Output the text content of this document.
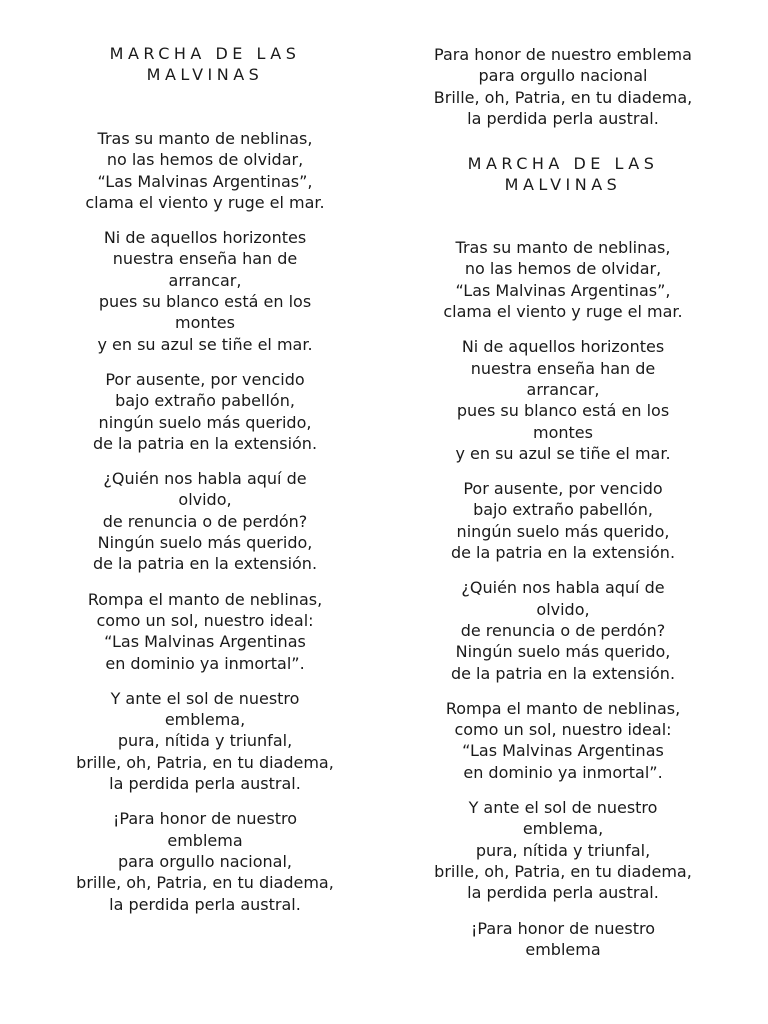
MARCHA DE LAS
MALVINAS

Tras su manto de neblinas,
no las hemos de olvidar,
“Las Malvinas Argentinas”,
clama el viento y ruge el mar.

Ni de aquellos horizontes
nuestra enseña han de
arrancar,
pues su blanco está en los
montes
y en su azul se tiñe el mar.

Por ausente, por vencido
bajo extraño pabellón,
ningún suelo más querido,
de la patria en la extensión.

¿Quién nos habla aquí de
olvido,
de renuncia o de perdón?
Ningún suelo más querido,
de la patria en la extensión.

Rompa el manto de neblinas,
como un sol, nuestro ideal:
“Las Malvinas Argentinas
en dominio ya inmortal”.

Y ante el sol de nuestro
emblema,
pura, nítida y triunfal,
brille, oh, Patria, en tu diadema,
la perdida perla austral.

¡Para honor de nuestro
emblema
para orgullo nacional,
brille, oh, Patria, en tu diadema,
la perdida perla austral.

Para honor de nuestro emblema
para orgullo nacional
Brille, oh, Patria, en tu diadema,
la perdida perla austral.

MARCHA DE LAS
MALVINAS

Tras su manto de neblinas,
no las hemos de olvidar,
“Las Malvinas Argentinas”,
clama el viento y ruge el mar.

Ni de aquellos horizontes
nuestra enseña han de
arrancar,
pues su blanco está en los
montes
y en su azul se tiñe el mar.

Por ausente, por vencido
bajo extraño pabellón,
ningún suelo más querido,
de la patria en la extensión.

¿Quién nos habla aquí de
olvido,
de renuncia o de perdón?
Ningún suelo más querido,
de la patria en la extensión.

Rompa el manto de neblinas,
como un sol, nuestro ideal:
“Las Malvinas Argentinas
en dominio ya inmortal”.

Y ante el sol de nuestro
emblema,
pura, nítida y triunfal,
brille, oh, Patria, en tu diadema,
la perdida perla austral.

¡Para honor de nuestro
emblema
